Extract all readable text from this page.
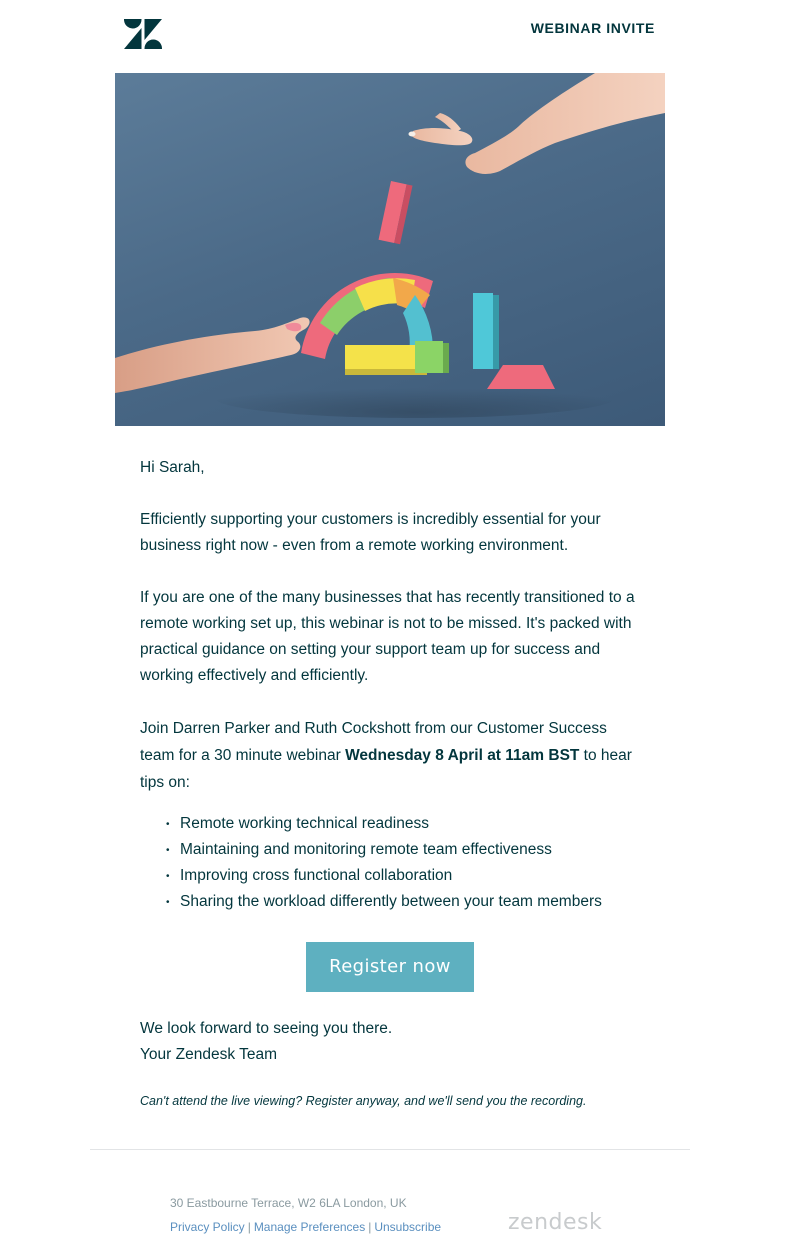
WEBINAR INVITE
Hi Sarah,
Efficiently supporting your customers is incredibly essential for your business right now - even from a remote working environment.
If you are one of the many businesses that has recently transitioned to a remote working set up, this webinar is not to be missed. It's packed with practical guidance on setting your support team up for success and working effectively and efficiently.
Join Darren Parker and Ruth Cockshott from our Customer Success team for a 30 minute webinar Wednesday 8 April at 11am BST to hear tips on:
• Remote working technical readiness
• Maintaining and monitoring remote team effectiveness
• Improving cross functional collaboration
• Sharing the workload differently between your team members
Register now
We look forward to seeing you there.
Your Zendesk Team
Can't attend the live viewing? Register anyway, and we'll send you the recording.
30 Eastbourne Terrace, W2 6LA London, UK
Privacy Policy | Manage Preferences | Unsubscribe	zendesk
